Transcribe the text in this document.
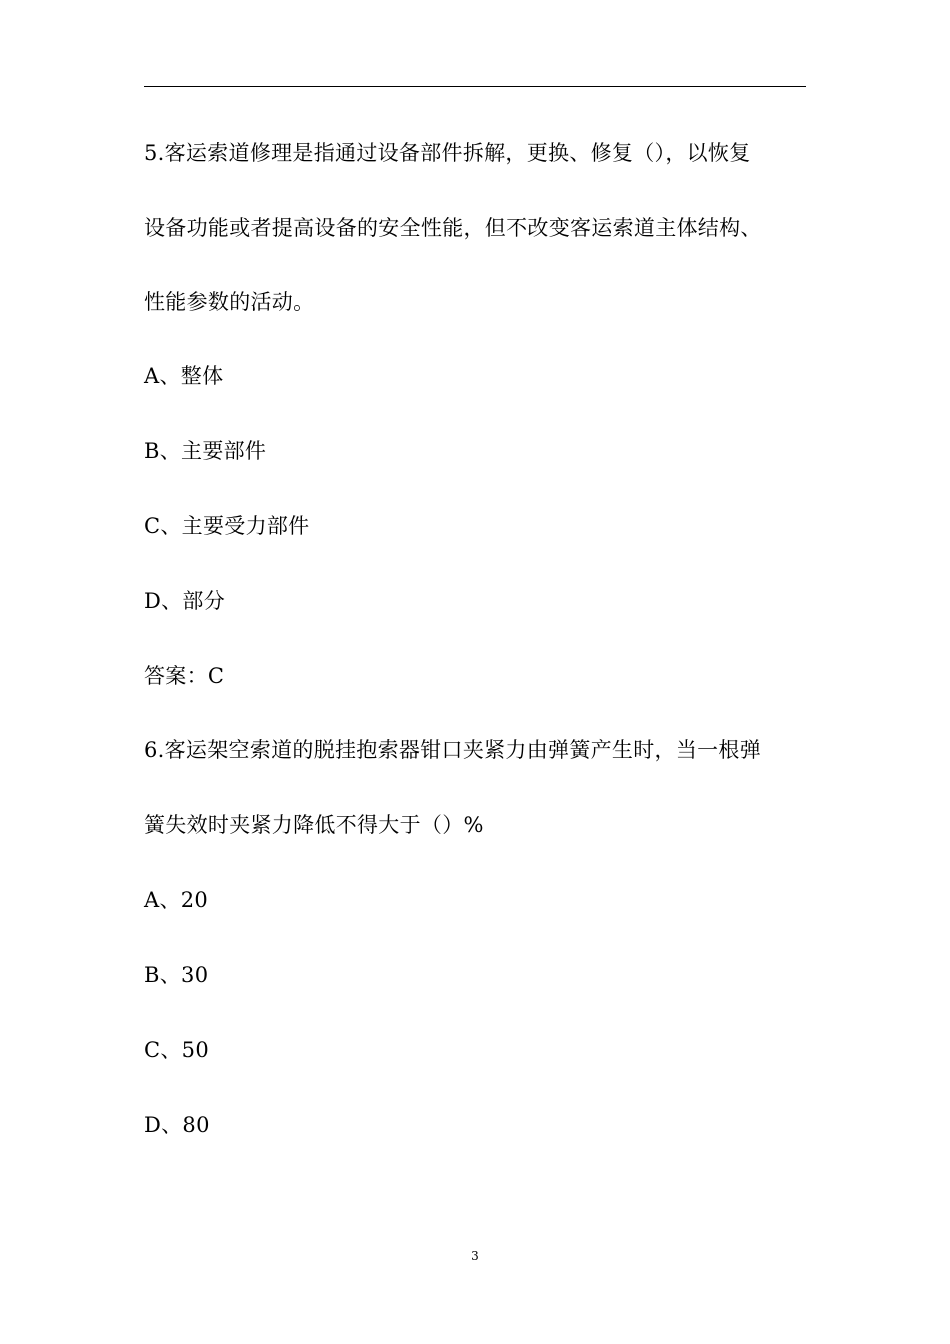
5.客运索道修理是指通过设备部件拆解，更换、修复（），以恢复
设备功能或者提高设备的安全性能，但不改变客运索道主体结构、
性能参数的活动。
A、整体
B、主要部件
C、主要受力部件
D、部分
答案：C
6.客运架空索道的脱挂抱索器钳口夹紧力由弹簧产生时，当一根弹
簧失效时夹紧力降低不得大于（）%
A、20
B、30
C、50
D、80
3
